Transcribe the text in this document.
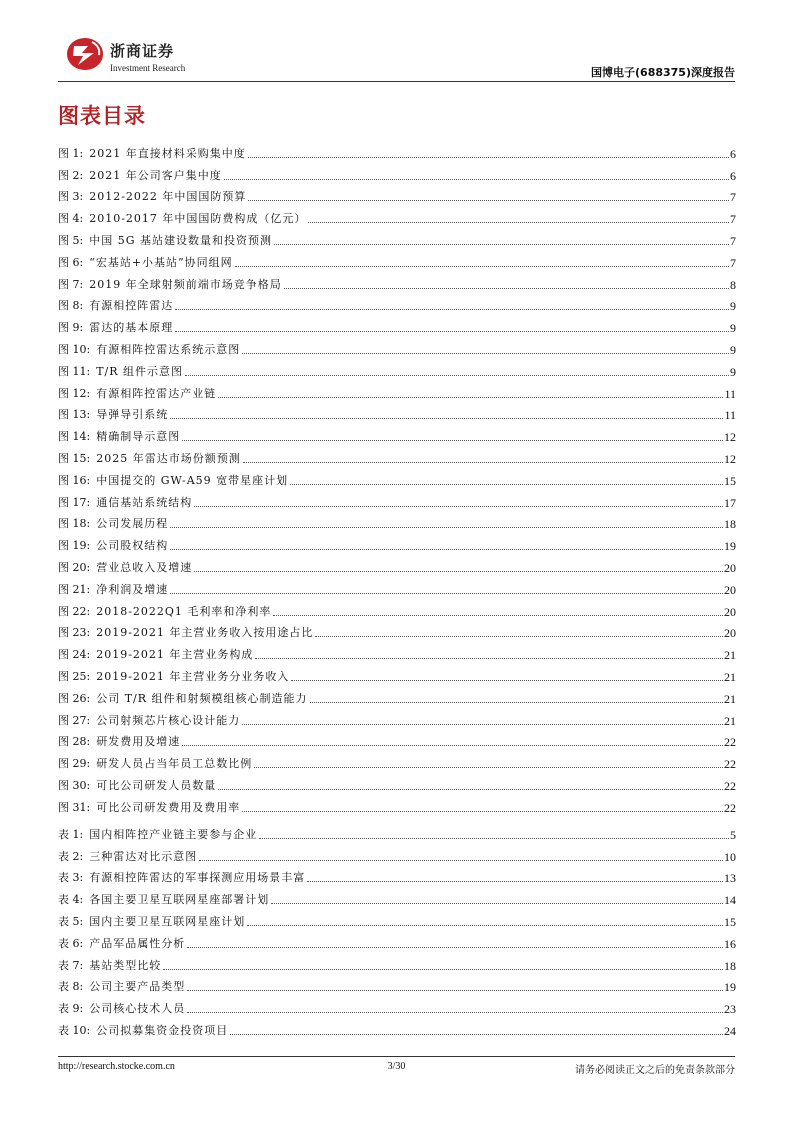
浙商证券
Investment Research	国博电子(688375)深度报告
图表目录
图 1: 2021 年直接材料采购集中度	6
图 2: 2021 年公司客户集中度	6
图 3: 2012-2022 年中国国防预算	7
图 4: 2010-2017 年中国国防费构成（亿元）	7
图 5: 中国 5G 基站建设数量和投资预测	7
图 6: “宏基站+小基站”协同组网	7
图 7: 2019 年全球射频前端市场竞争格局	8
图 8: 有源相控阵雷达	9
图 9: 雷达的基本原理	9
图 10: 有源相阵控雷达系统示意图	9
图 11: T/R 组件示意图	9
图 12: 有源相阵控雷达产业链	11
图 13: 导弹导引系统	11
图 14: 精确制导示意图	12
图 15: 2025 年雷达市场份额预测	12
图 16: 中国提交的 GW-A59 宽带星座计划	15
图 17: 通信基站系统结构	17
图 18: 公司发展历程	18
图 19: 公司股权结构	19
图 20: 营业总收入及增速	20
图 21: 净利润及增速	20
图 22: 2018-2022Q1 毛利率和净利率	20
图 23: 2019-2021 年主营业务收入按用途占比	20
图 24: 2019-2021 年主营业务构成	21
图 25: 2019-2021 年主营业务分业务收入	21
图 26: 公司 T/R 组件和射频模组核心制造能力	21
图 27: 公司射频芯片核心设计能力	21
图 28: 研发费用及增速	22
图 29: 研发人员占当年员工总数比例	22
图 30: 可比公司研发人员数量	22
图 31: 可比公司研发费用及费用率	22
表 1: 国内相阵控产业链主要参与企业	5
表 2: 三种雷达对比示意图	10
表 3: 有源相控阵雷达的军事探测应用场景丰富	13
表 4: 各国主要卫星互联网星座部署计划	14
表 5: 国内主要卫星互联网星座计划	15
表 6: 产品军品属性分析	16
表 7: 基站类型比较	18
表 8: 公司主要产品类型	19
表 9: 公司核心技术人员	23
表 10: 公司拟募集资金投资项目	24
http://research.stocke.com.cn	3/30	请务必阅读正文之后的免责条款部分
